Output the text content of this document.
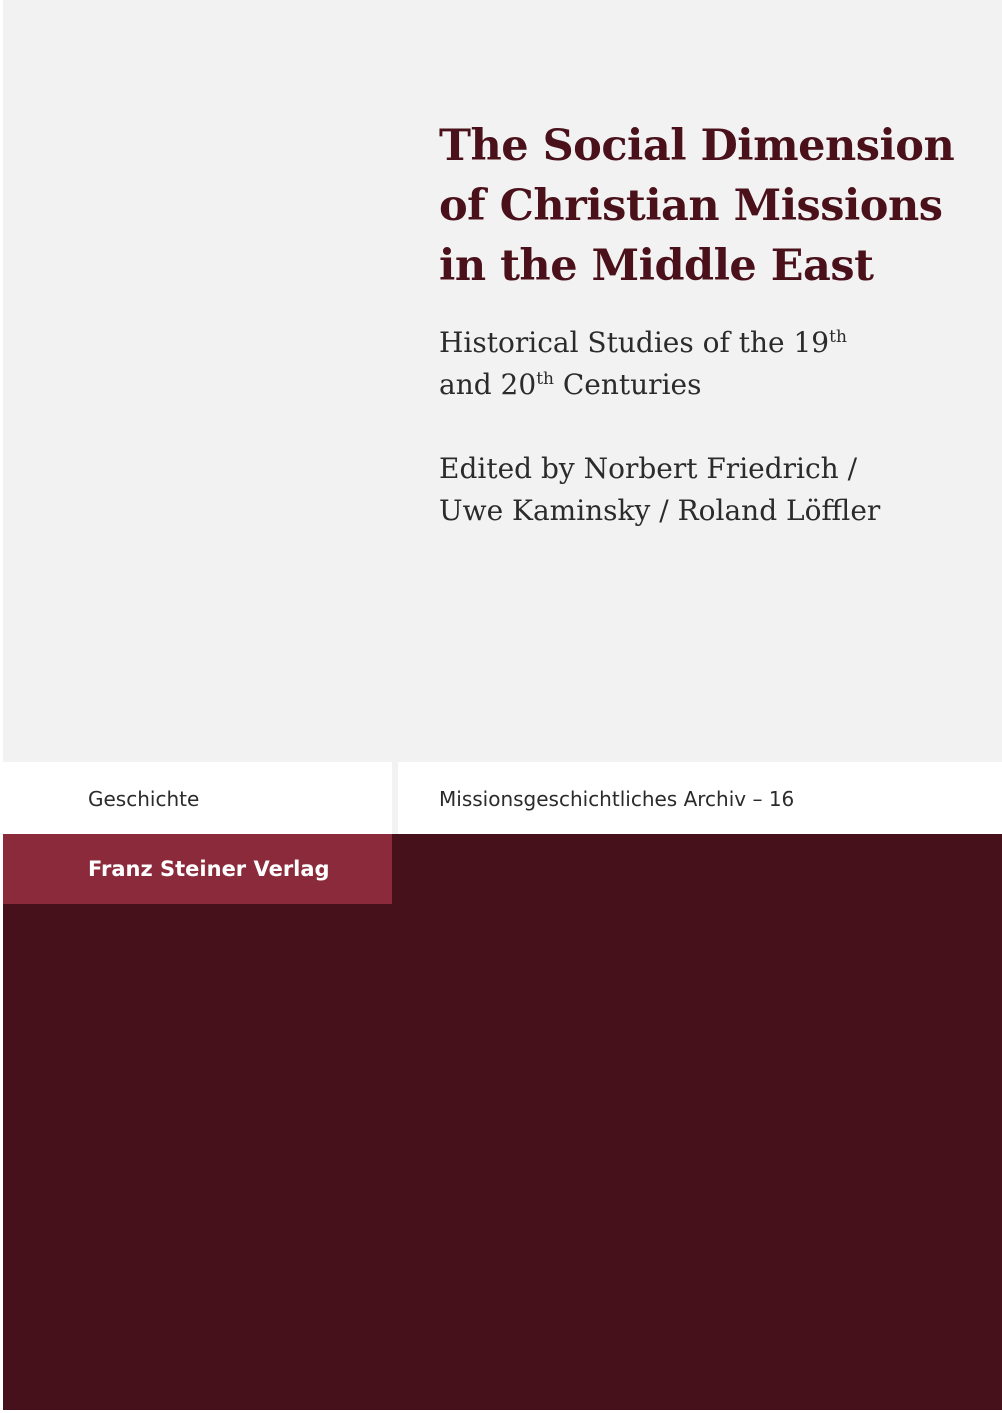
The Social Dimension
of Christian Missions
in the Middle East

Historical Studies of the 19th
and 20th Centuries

Edited by Norbert Friedrich /
Uwe Kaminsky / Roland Löffler

Geschichte	Missionsgeschichtliches Archiv – 16
Franz Steiner Verlag
